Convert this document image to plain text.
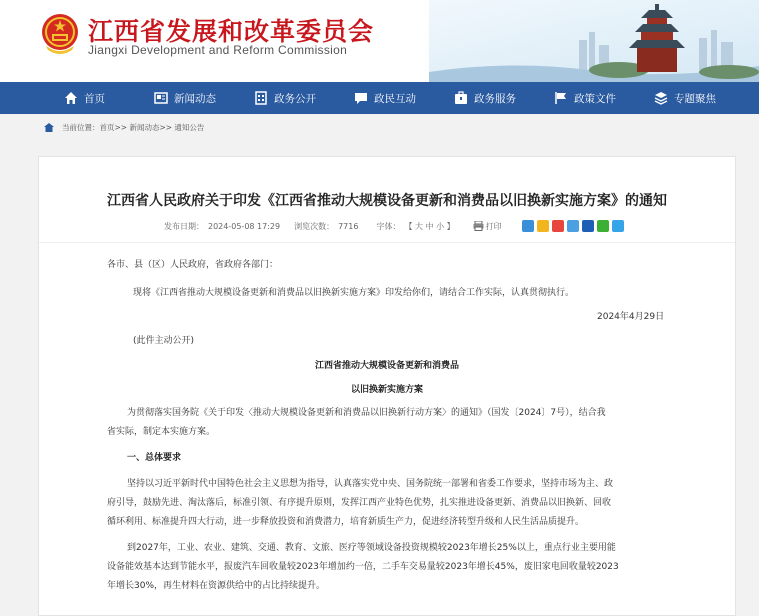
江西省发展和改革委员会
Jiangxi Development and Reform Commission
首页	新闻动态	政务公开	政民互动	政务服务	政策文件	专题聚焦
当前位置：首页>> 新闻动态>> 通知公告
江西省人民政府关于印发《江西省推动大规模设备更新和消费品以旧换新实施方案》的通知
发布日期： 2024-05-08 17:29 浏览次数： 7716 字体： 【 大 中 小 】	打印
各市、县（区）人民政府，省政府各部门：
现将《江西省推动大规模设备更新和消费品以旧换新实施方案》印发给你们，请结合工作实际，认真贯彻执行。
2024年4月29日
(此件主动公开)
江西省推动大规模设备更新和消费品
以旧换新实施方案
为贯彻落实国务院《关于印发〈推动大规模设备更新和消费品以旧换新行动方案〉的通知》（国发〔2024〕7号），结合我
省实际，制定本实施方案。
一、总体要求
坚持以习近平新时代中国特色社会主义思想为指导，认真落实党中央、国务院统一部署和省委工作要求，坚持市场为主、政
府引导，鼓励先进、淘汰落后，标准引领、有序提升原则，发挥江西产业特色优势，扎实推进设备更新、消费品以旧换新、回收
循环利用、标准提升四大行动，进一步释放投资和消费潜力，培育新质生产力，促进经济转型升级和人民生活品质提升。
到2027年，工业、农业、建筑、交通、教育、文旅、医疗等领域设备投资规模较2023年增长25%以上，重点行业主要用能
设备能效基本达到节能水平，报废汽车回收量较2023年增加约一倍，二手车交易量较2023年增长45%，废旧家电回收量较2023
年增长30%，再生材料在资源供给中的占比持续提升。
